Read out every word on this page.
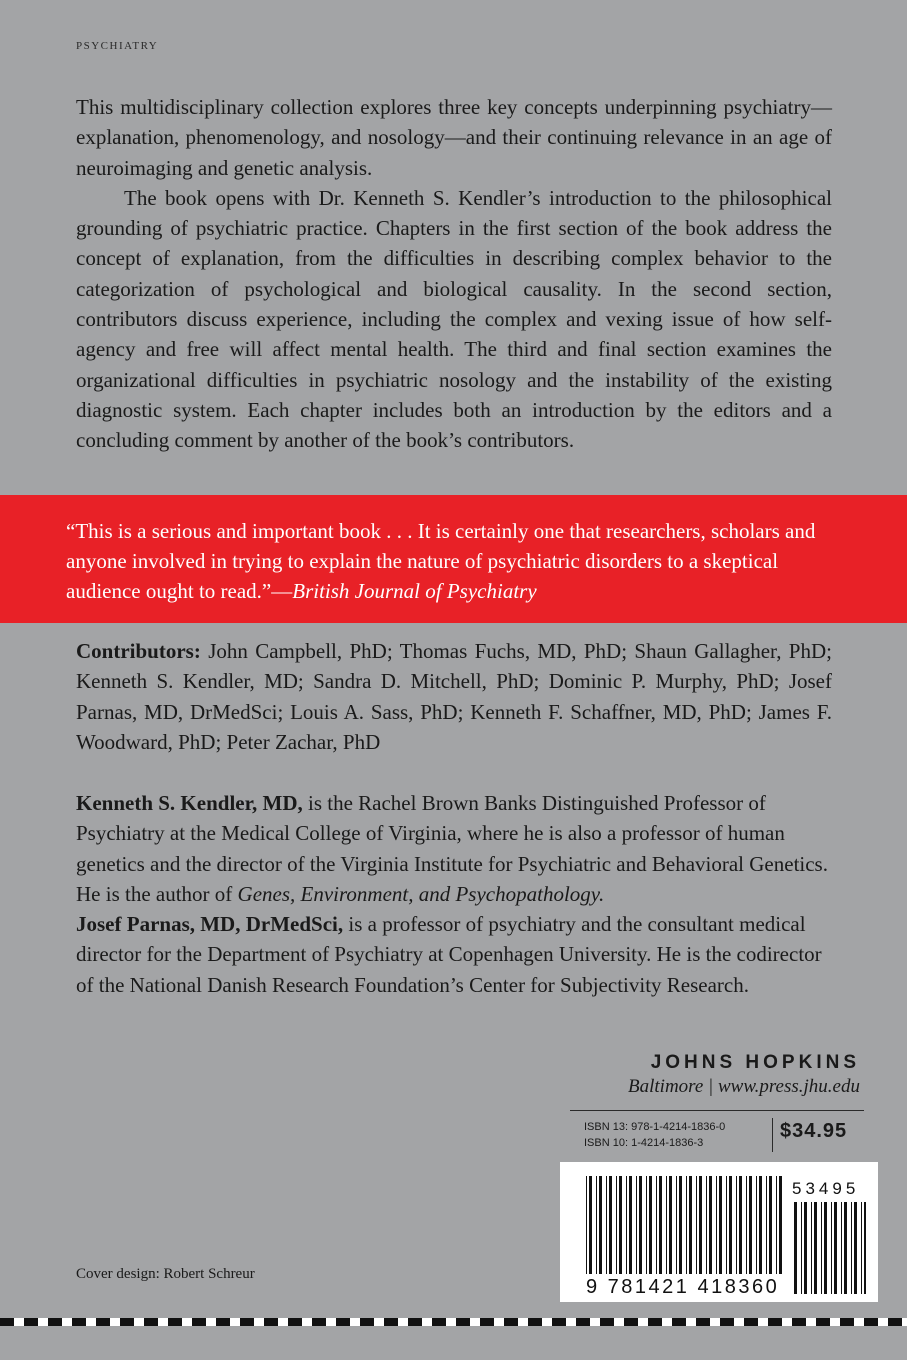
PSYCHIATRY

This multidisciplinary collection explores three key concepts underpinning psychiatry—explanation, phenomenology, and nosology—and their continuing relevance in an age of neuroimaging and genetic analysis.

The book opens with Dr. Kenneth S. Kendler’s introduction to the philosophical grounding of psychiatric practice. Chapters in the first section of the book address the concept of explanation, from the difficulties in describing complex behavior to the categorization of psychological and biological causality. In the second section, contributors discuss experience, including the complex and vexing issue of how self-agency and free will affect mental health. The third and final section examines the organizational difficulties in psychiatric nosology and the instability of the existing diagnostic system. Each chapter includes both an introduction by the editors and a concluding comment by another of the book’s contributors.

“This is a serious and important book . . . It is certainly one that researchers, scholars and anyone involved in trying to explain the nature of psychiatric disorders to a skeptical audience ought to read.”—British Journal of Psychiatry

Contributors: John Campbell, PhD; Thomas Fuchs, MD, PhD; Shaun Gallagher, PhD; Kenneth S. Kendler, MD; Sandra D. Mitchell, PhD; Dominic P. Murphy, PhD; Josef Parnas, MD, DrMedSci; Louis A. Sass, PhD; Kenneth F. Schaffner, MD, PhD; James F. Woodward, PhD; Peter Zachar, PhD

Kenneth S. Kendler, MD, is the Rachel Brown Banks Distinguished Professor of Psychiatry at the Medical College of Virginia, where he is also a professor of human genetics and the director of the Virginia Institute for Psychiatric and Behavioral Genetics. He is the author of Genes, Environment, and Psychopathology.

Josef Parnas, MD, DrMedSci, is a professor of psychiatry and the consultant medical director for the Department of Psychiatry at Copenhagen University. He is the codirector of the National Danish Research Foundation’s Center for Subjectivity Research.

JOHNS HOPKINS
Baltimore | www.press.jhu.edu
ISBN 13: 978-1-4214-1836-0
ISBN 10: 1-4214-1836-3
$34.95
9 781421 418360
53495
Cover design: Robert Schreur
